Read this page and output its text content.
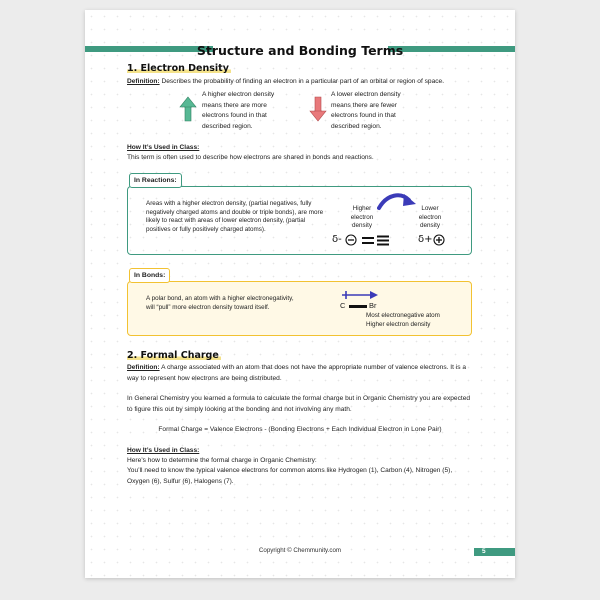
Structure and Bonding Terms
1. Electron Density
Definition: Describes the probability of finding an electron in a particular part of an orbital or region of space.
A higher electron density means there are more electrons found in that described region.
A lower electron density means there are fewer electrons found in that described region.
How It’s Used in Class:
This term is often used to describe how electrons are shared in bonds and reactions.
In Reactions:
Areas with a higher electron density, (partial negatives, fully negatively charged atoms and double or triple bonds), are more likely to react with areas of lower electron density, (partial positives or fully positively charged atoms).
Higher electron density
Lower electron density
δ-	δ+
In Bonds:
A polar bond, an atom with a higher electronegativity, will “pull” more electron density toward itself.	C	Br
Most electronegative atom
Higher electron density
2. Formal Charge
Definition: A charge associated with an atom that does not have the appropriate number of valence electrons. It is a way to represent how electrons are being distributed.
In General Chemistry you learned a formula to calculate the formal charge but in Organic Chemistry you are expected to figure this out by simply looking at the bonding and not involving any math.
Formal Charge = Valence Electrons - (Bonding Electrons + Each Individual Electron in Lone Pair)
How It’s Used in Class:
Here’s how to determine the formal charge in Organic Chemistry:
You’ll need to know the typical valence electrons for common atoms like Hydrogen (1), Carbon (4), Nitrogen (5), Oxygen (6), Sulfur (6), Halogens (7).
Copyright © Chemmunity.com	5
